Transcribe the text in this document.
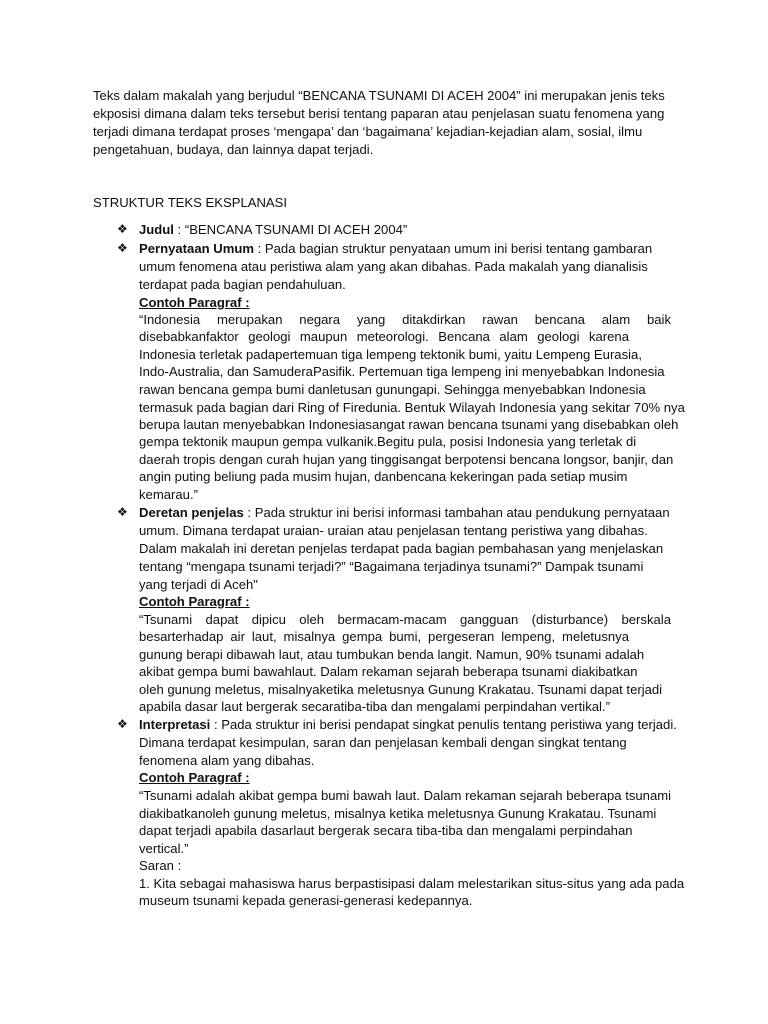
Teks dalam makalah yang berjudul “BENCANA TSUNAMI DI ACEH 2004” ini merupakan jenis teks
ekposisi dimana dalam teks tersebut berisi tentang paparan atau penjelasan suatu fenomena yang
terjadi dimana terdapat proses ‘mengapa’ dan ‘bagaimana’ kejadian-kejadian alam, sosial, ilmu
pengetahuan, budaya, dan lainnya dapat terjadi.
STRUKTUR TEKS EKSPLANASI
❖ Judul : “BENCANA TSUNAMI DI ACEH 2004”
❖ Pernyataan Umum : Pada bagian struktur penyataan umum ini berisi tentang gambaran
umum fenomena atau peristiwa alam yang akan dibahas. Pada makalah yang dianalisis
terdapat pada bagian pendahuluan.
Contoh Paragraf :
“Indonesia merupakan negara yang ditakdirkan rawan bencana alam baik
disebabkanfaktor geologi maupun meteorologi. Bencana alam geologi karena
Indonesia terletak padapertemuan tiga lempeng tektonik bumi, yaitu Lempeng Eurasia,
Indo-Australia, dan SamuderaPasifik. Pertemuan tiga lempeng ini menyebabkan Indonesia
rawan bencana gempa bumi danletusan gunungapi. Sehingga menyebabkan Indonesia
termasuk pada bagian dari Ring of Firedunia. Bentuk Wilayah Indonesia yang sekitar 70% nya
berupa lautan menyebabkan Indonesiasangat rawan bencana tsunami yang disebabkan oleh
gempa tektonik maupun gempa vulkanik.Begitu pula, posisi Indonesia yang terletak di
daerah tropis dengan curah hujan yang tinggisangat berpotensi bencana longsor, banjir, dan
angin puting beliung pada musim hujan, danbencana kekeringan pada setiap musim
kemarau.”
❖ Deretan penjelas : Pada struktur ini berisi informasi tambahan atau pendukung pernyataan
umum. Dimana terdapat uraian- uraian atau penjelasan tentang peristiwa yang dibahas.
Dalam makalah ini deretan penjelas terdapat pada bagian pembahasan yang menjelaskan
tentang “mengapa tsunami terjadi?” “Bagaimana terjadinya tsunami?” Dampak tsunami
yang terjadi di Aceh"
Contoh Paragraf :
“Tsunami dapat dipicu oleh bermacam-macam gangguan (disturbance) berskala
besarterhadap air laut, misalnya gempa bumi, pergeseran lempeng, meletusnya
gunung berapi dibawah laut, atau tumbukan benda langit. Namun, 90% tsunami adalah
akibat gempa bumi bawahlaut. Dalam rekaman sejarah beberapa tsunami diakibatkan
oleh gunung meletus, misalnyaketika meletusnya Gunung Krakatau. Tsunami dapat terjadi
apabila dasar laut bergerak secaratiba-tiba dan mengalami perpindahan vertikal.”
❖ Interpretasi : Pada struktur ini berisi pendapat singkat penulis tentang peristiwa yang terjadi.
Dimana terdapat kesimpulan, saran dan penjelasan kembali dengan singkat tentang
fenomena alam yang dibahas.
Contoh Paragraf :
“Tsunami adalah akibat gempa bumi bawah laut. Dalam rekaman sejarah beberapa tsunami
diakibatkanoleh gunung meletus, misalnya ketika meletusnya Gunung Krakatau. Tsunami
dapat terjadi apabila dasarlaut bergerak secara tiba-tiba dan mengalami perpindahan
vertical.”
Saran :
1. Kita sebagai mahasiswa harus berpastisipasi dalam melestarikan situs-situs yang ada pada
museum tsunami kepada generasi-generasi kedepannya.
